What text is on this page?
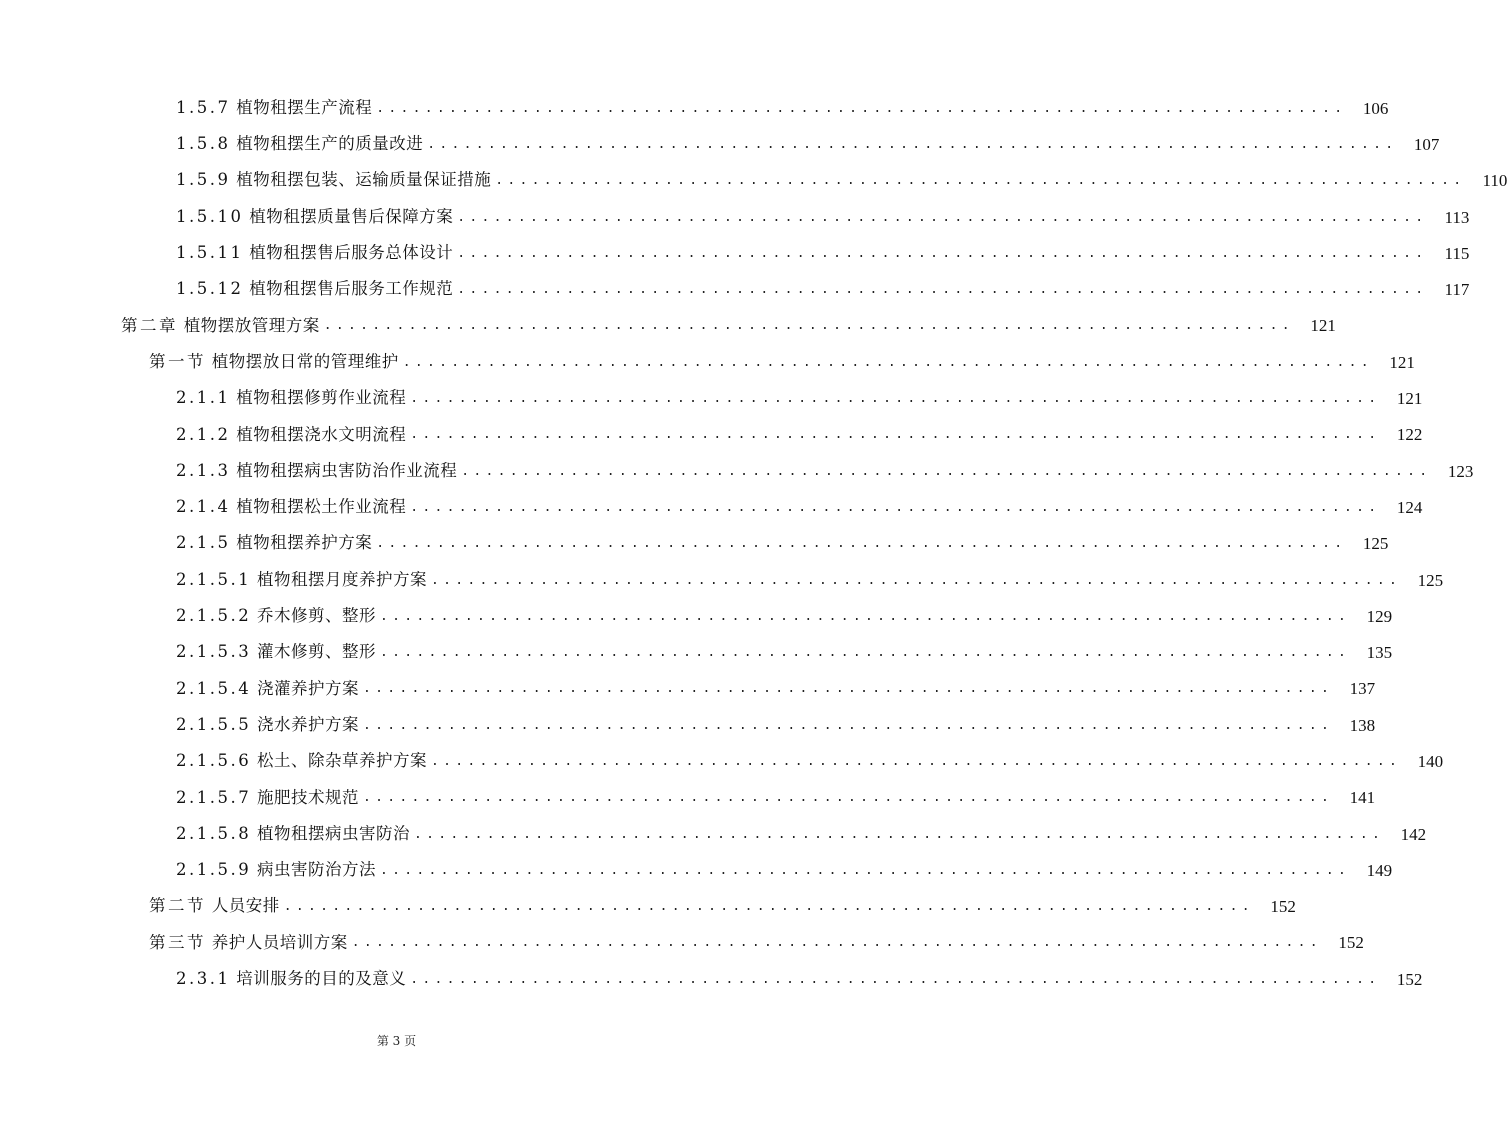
1.5.7 植物租摆生产流程 ................................................................................ 106
1.5.8 植物租摆生产的质量改进 ................................................................................ 107
1.5.9 植物租摆包装、运输质量保证措施 ................................................................................	110
1.5.10 植物租摆质量售后保障方案 ................................................................................	113
1.5.11 植物租摆售后服务总体设计 ................................................................................	115
1.5.12 植物租摆售后服务工作规范 ................................................................................	117
第二章 植物摆放管理方案 ................................................................................ 121
第一节 植物摆放日常的管理维护 ................................................................................ 121
2.1.1 植物租摆修剪作业流程 ................................................................................ 121
2.1.2 植物租摆浇水文明流程 ................................................................................ 122
2.1.3 植物租摆病虫害防治作业流程 ................................................................................ 123
2.1.4 植物租摆松土作业流程 ................................................................................ 124
2.1.5 植物租摆养护方案 ................................................................................ 125
2.1.5.1 植物租摆月度养护方案 ................................................................................ 125
2.1.5.2 乔木修剪、整形 ................................................................................ 129
2.1.5.3 灌木修剪、整形 ................................................................................ 135
2.1.5.4 浇灌养护方案 ................................................................................ 137
2.1.5.5 浇水养护方案 ................................................................................ 138
2.1.5.6 松土、除杂草养护方案 ................................................................................ 140
2.1.5.7 施肥技术规范 ................................................................................ 141
2.1.5.8 植物租摆病虫害防治 ................................................................................ 142
2.1.5.9 病虫害防治方法 ................................................................................ 149
第二节 人员安排 ................................................................................ 152
第三节 养护人员培训方案 ................................................................................ 152
2.3.1 培训服务的目的及意义 ................................................................................ 152
第 3 页
